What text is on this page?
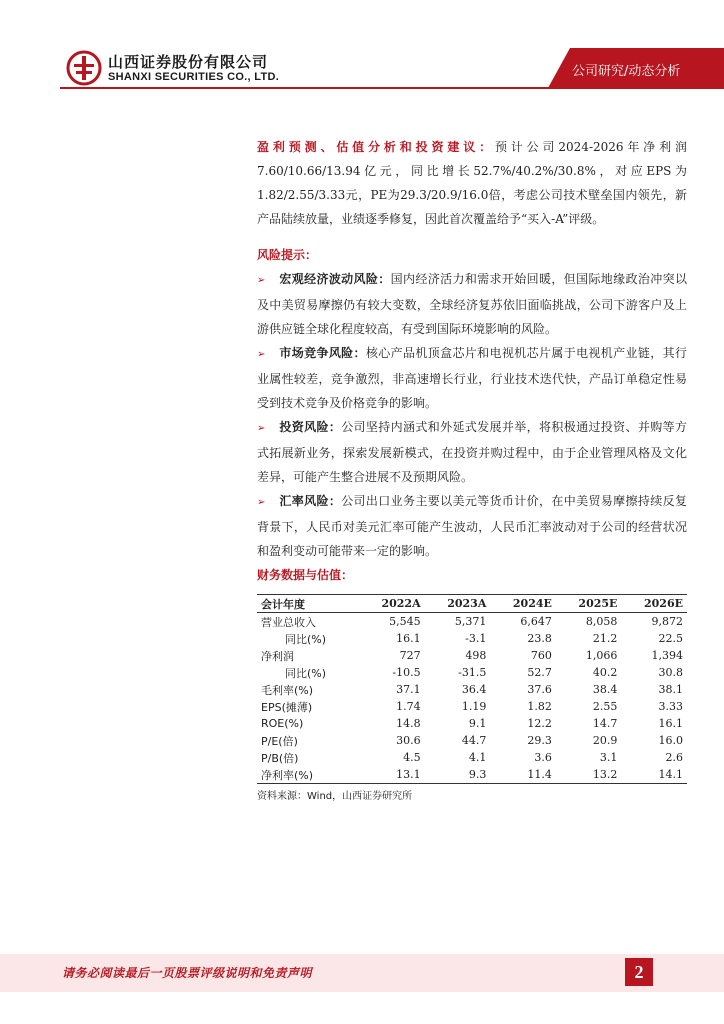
山西证券股份有限公司
SHANXI SECURITIES CO., LTD.	公司研究/动态分析

盈利预测、估值分析和投资建议：预计公司2024-2026年净利润7.60/10.66/13.94亿元，同比增长52.7%/40.2%/30.8%，对应EPS为1.82/2.55/3.33元，PE为29.3/20.9/16.0倍，考虑公司技术壁垒国内领先，新产品陆续放量，业绩逐季修复，因此首次覆盖给予“买入-A”评级。

风险提示：

➢ 宏观经济波动风险：国内经济活力和需求开始回暖，但国际地缘政治冲突以及中美贸易摩擦仍有较大变数，全球经济复苏依旧面临挑战，公司下游客户及上游供应链全球化程度较高，有受到国际环境影响的风险。

➢ 市场竞争风险：核心产品机顶盒芯片和电视机芯片属于电视机产业链，其行业属性较差，竞争激烈，非高速增长行业，行业技术迭代快，产品订单稳定性易受到技术竞争及价格竞争的影响。

➢ 投资风险：公司坚持内涵式和外延式发展并举，将积极通过投资、并购等方式拓展新业务，探索发展新模式，在投资并购过程中，由于企业管理风格及文化差异，可能产生整合进展不及预期风险。

➢ 汇率风险：公司出口业务主要以美元等货币计价，在中美贸易摩擦持续反复背景下，人民币对美元汇率可能产生波动，人民币汇率波动对于公司的经营状况和盈利变动可能带来一定的影响。

财务数据与估值：

会计年度	2022A	2023A	2024E	2025E	2026E
营业总收入	5,545	5,371	6,647	8,058	9,872
同比(%)	16.1	-3.1	23.8	21.2	22.5
净利润	727	498	760	1,066	1,394
同比(%)	-10.5	-31.5	52.7	40.2	30.8
毛利率(%)	37.1	36.4	37.6	38.4	38.1
EPS(摊薄)	1.74	1.19	1.82	2.55	3.33
ROE(%)	14.8	9.1	12.2	14.7	16.1
P/E(倍)	30.6	44.7	29.3	20.9	16.0
P/B(倍)	4.5	4.1	3.6	3.1	2.6
净利率(%)	13.1	9.3	11.4	13.2	14.1
资料来源：Wind，山西证券研究所
请务必阅读最后一页股票评级说明和免责声明	2
